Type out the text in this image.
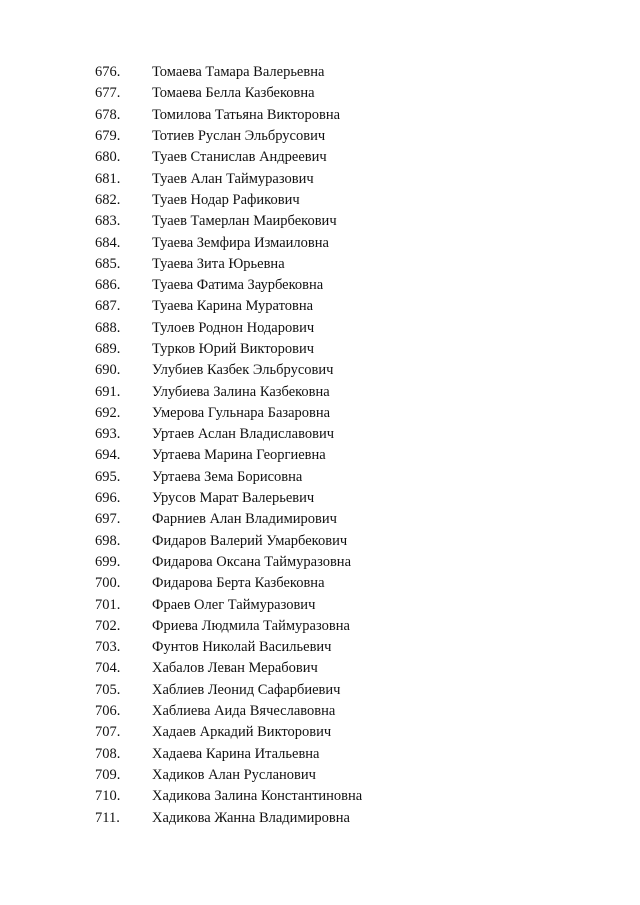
676.	Томаева Тамара Валерьевна
677.	Томаева Белла Казбековна
678.	Томилова Татьяна Викторовна
679.	Тотиев Руслан Эльбрусович
680.	Туаев Станислав Андреевич
681.	Туаев Алан Таймуразович
682.	Туаев Нодар Рафикович
683.	Туаев Тамерлан Маирбекович
684.	Туаева Земфира Измаиловна
685.	Туаева Зита Юрьевна
686.	Туаева Фатима Заурбековна
687.	Туаева Карина Муратовна
688.	Тулоев Роднон Нодарович
689.	Турков Юрий Викторович
690.	Улубиев Казбек Эльбрусович
691.	Улубиева Залина Казбековна
692.	Умерова Гульнара Базаровна
693.	Уртаев Аслан Владиславович
694.	Уртаева Марина Георгиевна
695.	Уртаева Зема Борисовна
696.	Урусов Марат Валерьевич
697.	Фарниев Алан Владимирович
698.	Фидаров Валерий Умарбекович
699.	Фидарова Оксана Таймуразовна
700.	Фидарова Берта Казбековна
701.	Фраев Олег Таймуразович
702.	Фриева Людмила Таймуразовна
703.	Фунтов Николай Васильевич
704.	Хабалов Леван Мерабович
705.	Хаблиев Леонид Сафарбиевич
706.	Хаблиева Аида Вячеславовна
707.	Хадаев Аркадий Викторович
708.	Хадаева Карина Итальевна
709.	Хадиков Алан Русланович
710.	Хадикова Залина Константиновна
711.	Хадикова Жанна Владимировна
